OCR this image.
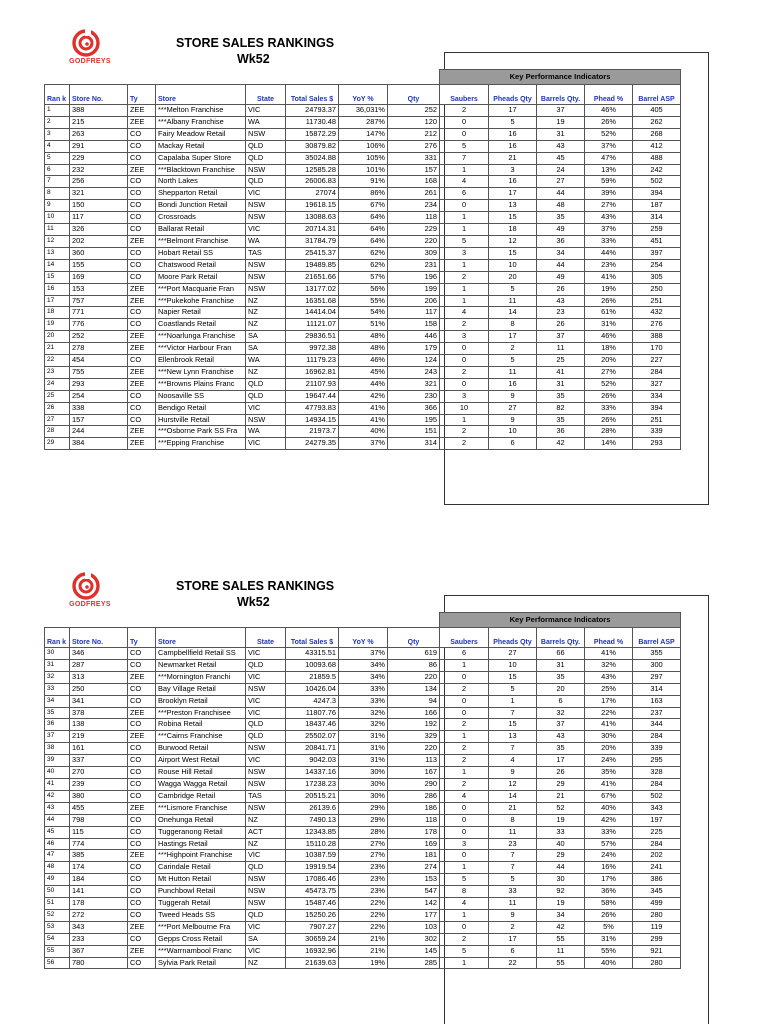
GODFREYS
STORE SALES RANKINGS
Wk52
								Key Performance Indicators				
Ran k	Store No.	Ty	Store	State	Total Sales $	YoY %	Qty	Saubers	Pheads Qty	Barrels Qty.	Phead %	Barrel ASP
1	388	ZEE	***Melton Franchise	VIC	24793.37	36,031%	252	2	17	37	46%	405
2	215	ZEE	***Albany Franchise	WA	11730.48	287%	120	0	5	19	26%	262
3	263	CO	Fairy Meadow Retail	NSW	15872.29	147%	212	0	16	31	52%	268
4	291	CO	Mackay Retail	QLD	30879.82	106%	276	5	16	43	37%	412
5	229	CO	Capalaba Super Store	QLD	35024.88	105%	331	7	21	45	47%	488
6	232	ZEE	***Blacktown Franchise	NSW	12585.28	101%	157	1	3	24	13%	242
7	256	CO	North Lakes	QLD	26006.83	91%	168	4	16	27	59%	502
8	321	CO	Shepparton Retail	VIC	27074	86%	261	6	17	44	39%	394
9	150	CO	Bondi Junction Retail	NSW	19618.15	67%	234	0	13	48	27%	187
10	117	CO	Crossroads	NSW	13088.63	64%	118	1	15	35	43%	314
11	326	CO	Ballarat Retail	VIC	20714.31	64%	229	1	18	49	37%	259
12	202	ZEE	***Belmont Franchise	WA	31784.79	64%	220	5	12	36	33%	451
13	360	CO	Hobart Retail SS	TAS	25415.37	62%	309	3	15	34	44%	397
14	155	CO	Chatswood Retail	NSW	19489.85	62%	231	1	10	44	23%	254
15	169	CO	Moore Park Retail	NSW	21651.66	57%	196	2	20	49	41%	305
16	153	ZEE	***Port Macquarie Fran	NSW	13177.02	56%	199	1	5	26	19%	250
17	757	ZEE	***Pukekohe Franchise	NZ	16351.68	55%	206	1	11	43	26%	251
18	771	CO	Napier Retail	NZ	14414.04	54%	117	4	14	23	61%	432
19	776	CO	Coastlands Retail	NZ	11121.07	51%	158	2	8	26	31%	276
20	252	ZEE	***Noarlunga Franchise	SA	29836.51	48%	446	3	17	37	46%	388
21	278	ZEE	***Victor Harbour Fran	SA	9972.38	48%	179	0	2	11	18%	170
22	454	CO	Ellenbrook Retail	WA	11179.23	46%	124	0	5	25	20%	227
23	755	ZEE	***New Lynn Franchise	NZ	16962.81	45%	243	2	11	41	27%	284
24	293	ZEE	***Browns Plains Franc	QLD	21107.93	44%	321	0	16	31	52%	327
25	254	CO	Noosaville SS	QLD	19647.44	42%	230	3	9	35	26%	334
26	338	CO	Bendigo Retail	VIC	47793.83	41%	366	10	27	82	33%	394
27	157	CO	Hurstville Retail	NSW	14934.15	41%	195	1	9	35	26%	251
28	244	ZEE	***Osborne Park SS Fra	WA	21973.7	40%	151	2	10	36	28%	339
29	384	ZEE	***Epping Franchise	VIC	24279.35	37%	314	2	6	42	14%	293
GODFREYS
STORE SALES RANKINGS
Wk52
								Key Performance Indicators				
Ran k	Store No.	Ty	Store	State	Total Sales $	YoY %	Qty	Saubers	Pheads Qty	Barrels Qty.	Phead %	Barrel ASP
30	346	CO	Campbellfield Retail SS	VIC	43315.51	37%	619	6	27	66	41%	355
31	287	CO	Newmarket Retail	QLD	10093.68	34%	86	1	10	31	32%	300
32	313	ZEE	***Mornington Franchi	VIC	21859.5	34%	220	0	15	35	43%	297
33	250	CO	Bay Village Retail	NSW	10426.04	33%	134	2	5	20	25%	314
34	341	CO	Brooklyn Retail	VIC	4247.3	33%	94	0	1	6	17%	163
35	378	ZEE	***Preston Franchisee	VIC	11807.76	32%	166	0	7	32	22%	237
36	138	CO	Robina Retail	QLD	18437.46	32%	192	2	15	37	41%	344
37	219	ZEE	***Cairns Franchise	QLD	25502.07	31%	329	1	13	43	30%	284
38	161	CO	Burwood Retail	NSW	20841.71	31%	220	2	7	35	20%	339
39	337	CO	Airport West Retail	VIC	9042.03	31%	113	2	4	17	24%	295
40	270	CO	Rouse Hill Retail	NSW	14337.16	30%	167	1	9	26	35%	328
41	239	CO	Wagga Wagga Retail	NSW	17238.23	30%	290	2	12	29	41%	284
42	380	CO	Cambridge Retail	TAS	20515.21	30%	286	4	14	21	67%	502
43	455	ZEE	***Lismore Franchise	NSW	26139.6	29%	186	0	21	52	40%	343
44	798	CO	Onehunga Retail	NZ	7490.13	29%	118	0	8	19	42%	197
45	115	CO	Tuggeranong Retail	ACT	12343.85	28%	178	0	11	33	33%	225
46	774	CO	Hastings Retail	NZ	15110.28	27%	169	3	23	40	57%	284
47	385	ZEE	***Highpoint Franchise	VIC	10387.59	27%	181	0	7	29	24%	202
48	174	CO	Carindale Retail	QLD	19919.54	23%	274	1	7	44	16%	241
49	184	CO	Mt Hutton Retail	NSW	17086.46	23%	153	5	5	30	17%	386
50	141	CO	Punchbowl Retail	NSW	45473.75	23%	547	8	33	92	36%	345
51	178	CO	Tuggerah Retail	NSW	15487.46	22%	142	4	11	19	58%	499
52	272	CO	Tweed Heads SS	QLD	15250.26	22%	177	1	9	34	26%	280
53	343	ZEE	***Port Melbourne Fra	VIC	7907.27	22%	103	0	2	42	5%	119
54	233	CO	Gepps Cross Retail	SA	30659.24	21%	302	2	17	55	31%	299
55	367	ZEE	***Warrnambool Franc	VIC	16932.96	21%	145	5	6	11	55%	921
56	780	CO	Sylvia Park Retail	NZ	21639.63	19%	285	1	22	55	40%	280
